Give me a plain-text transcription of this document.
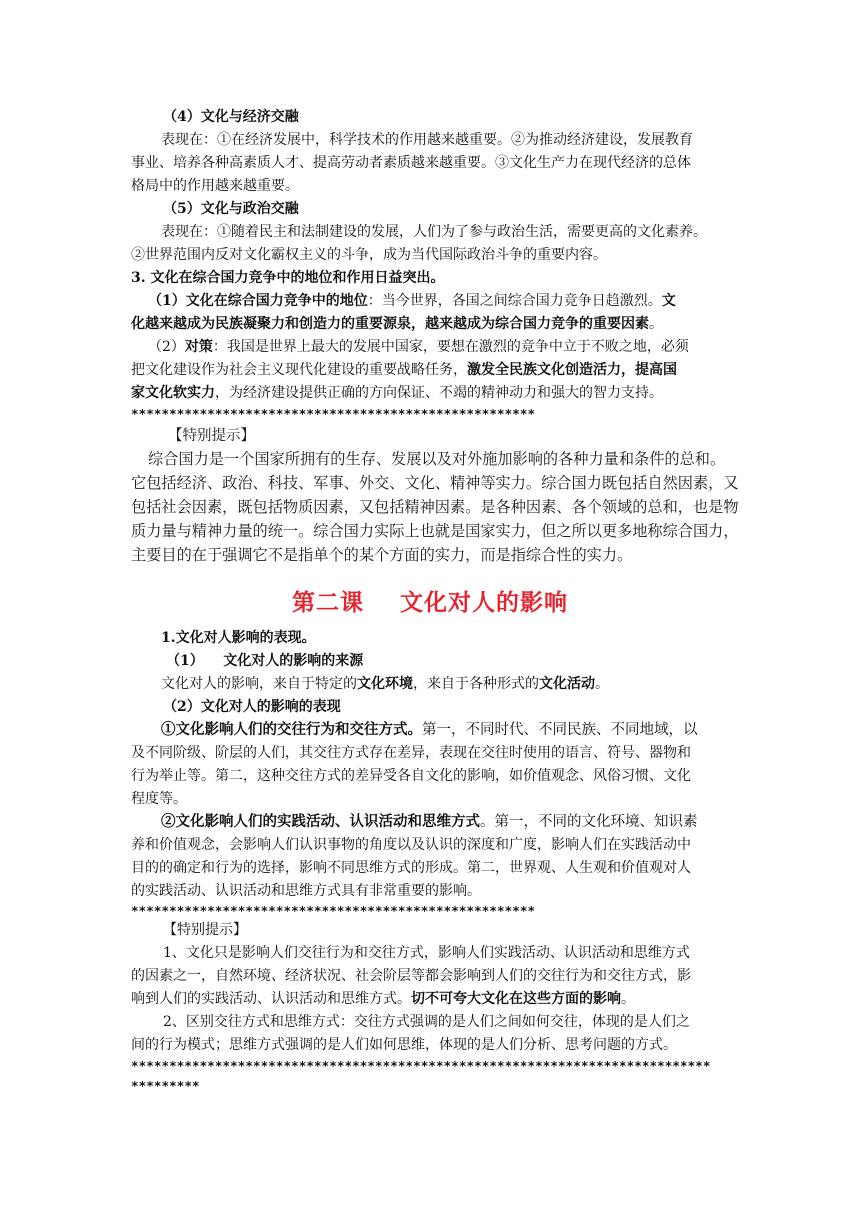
（4）文化与经济交融
表现在：①在经济发展中，科学技术的作用越来越重要。②为推动经济建设，发展教育
事业、培养各种高素质人才、提高劳动者素质越来越重要。③文化生产力在现代经济的总体
格局中的作用越来越重要。
（5）文化与政治交融
表现在：①随着民主和法制建设的发展，人们为了参与政治生活，需要更高的文化素养。
②世界范围内反对文化霸权主义的斗争，成为当代国际政治斗争的重要内容。
3. 文化在综合国力竞争中的地位和作用日益突出。
（1）文化在综合国力竞争中的地位：当今世界，各国之间综合国力竞争日趋激烈。文
化越来越成为民族凝聚力和创造力的重要源泉，越来越成为综合国力竞争的重要因素。
（2）对策：我国是世界上最大的发展中国家，要想在激烈的竞争中立于不败之地，必须
把文化建设作为社会主义现代化建设的重要战略任务，激发全民族文化创造活力，提高国
家文化软实力，为经济建设提供正确的方向保证、不竭的精神动力和强大的智力支持。
*****************************************************
【特别提示】
综合国力是一个国家所拥有的生存、发展以及对外施加影响的各种力量和条件的总和。
它包括经济、政治、科技、军事、外交、文化、精神等实力。综合国力既包括自然因素，又
包括社会因素，既包括物质因素，又包括精神因素。是各种因素、各个领域的总和，也是物
质力量与精神力量的统一。综合国力实际上也就是国家实力，但之所以更多地称综合国力，
主要目的在于强调它不是指单个的某个方面的实力，而是指综合性的实力。
第二课    文化对人的影响
1.文化对人影响的表现。
（1）    文化对人的影响的来源
文化对人的影响，来自于特定的文化环境，来自于各种形式的文化活动。
（2）文化对人的影响的表现
①文化影响人们的交往行为和交往方式。第一，不同时代、不同民族、不同地域，以
及不同阶级、阶层的人们，其交往方式存在差异，表现在交往时使用的语言、符号、器物和
行为举止等。第二，这种交往方式的差异受各自文化的影响，如价值观念、风俗习惯、文化
程度等。
②文化影响人们的实践活动、认识活动和思维方式。第一，不同的文化环境、知识素
养和价值观念，会影响人们认识事物的角度以及认识的深度和广度，影响人们在实践活动中
目的的确定和行为的选择，影响不同思维方式的形成。第二，世界观、人生观和价值观对人
的实践活动、认识活动和思维方式具有非常重要的影响。
*****************************************************
【特别提示】
1、文化只是影响人们交往行为和交往方式，影响人们实践活动、认识活动和思维方式
的因素之一，自然环境、经济状况、社会阶层等都会影响到人们的交往行为和交往方式，影
响到人们的实践活动、认识活动和思维方式。切不可夸大文化在这些方面的影响。
2、区别交往方式和思维方式：交往方式强调的是人们之间如何交往，体现的是人们之
间的行为模式；思维方式强调的是人们如何思维，体现的是人们分析、思考问题的方式。
****************************************************************************
*********
